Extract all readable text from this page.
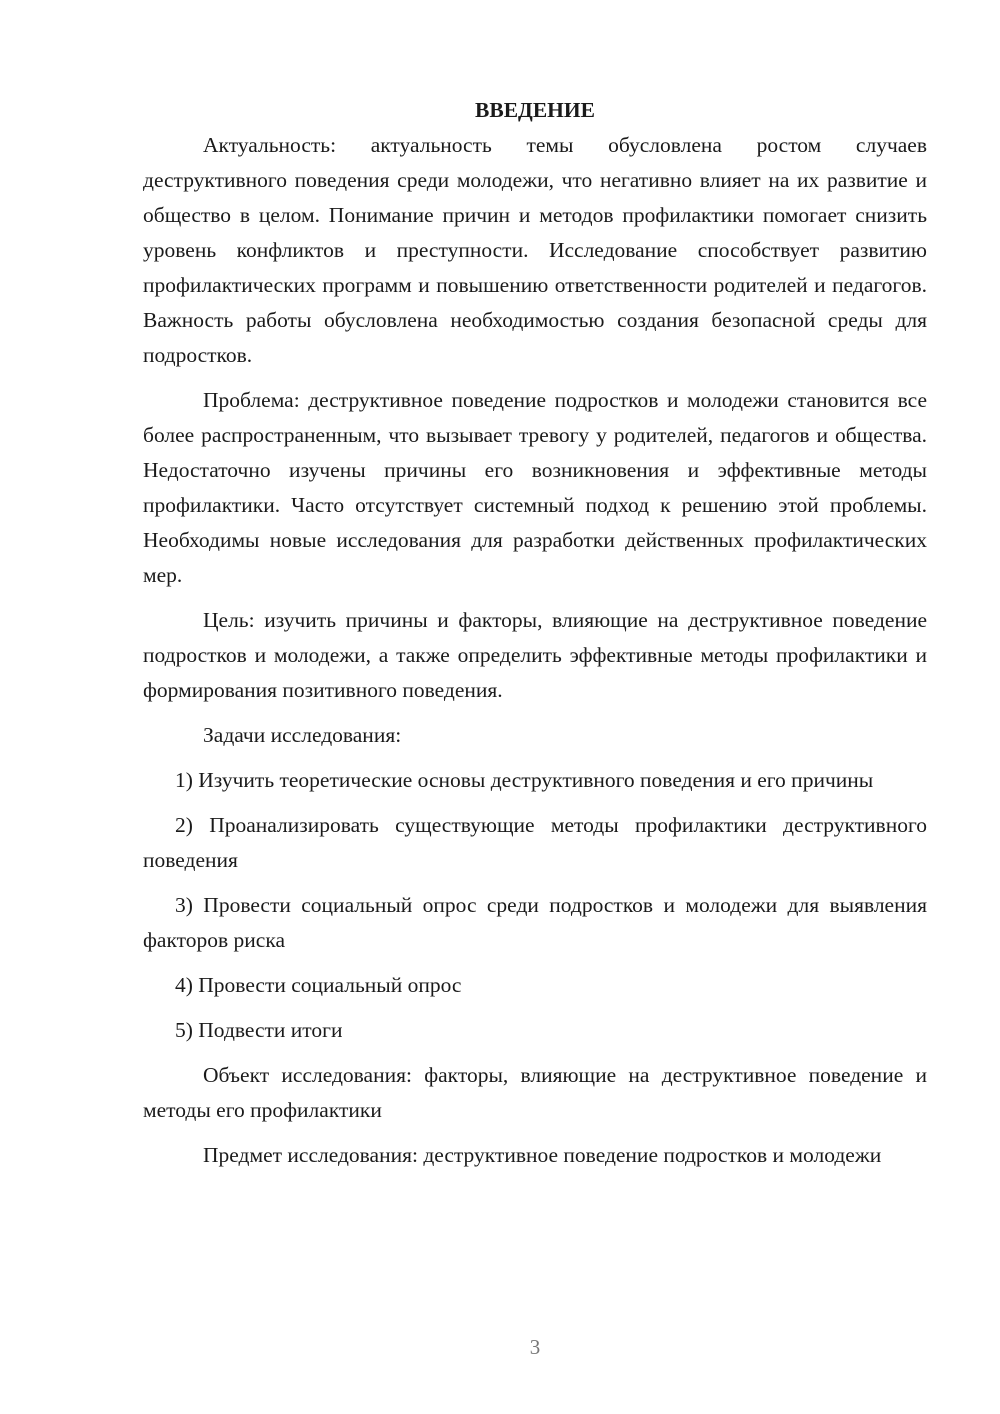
ВВЕДЕНИЕ

Актуальность: актуальность темы обусловлена ростом случаев деструктивного поведения среди молодежи, что негативно влияет на их развитие и общество в целом. Понимание причин и методов профилактики помогает снизить уровень конфликтов и преступности. Исследование способствует развитию профилактических программ и повышению ответственности родителей и педагогов. Важность работы обусловлена необходимостью создания безопасной среды для подростков.

Проблема: деструктивное поведение подростков и молодежи становится все более распространенным, что вызывает тревогу у родителей, педагогов и общества. Недостаточно изучены причины его возникновения и эффективные методы профилактики. Часто отсутствует системный подход к решению этой проблемы. Необходимы новые исследования для разработки действенных профилактических мер.

Цель: изучить причины и факторы, влияющие на деструктивное поведение подростков и молодежи, а также определить эффективные методы профилактики и формирования позитивного поведения.

Задачи исследования:

1) Изучить теоретические основы деструктивного поведения и его причины

2) Проанализировать существующие методы профилактики деструктивного поведения

3) Провести социальный опрос среди подростков и молодежи для выявления факторов риска

4) Провести социальный опрос

5) Подвести итоги

Объект исследования: факторы, влияющие на деструктивное поведение и методы его профилактики

Предмет исследования: деструктивное поведение подростков и молодежи

3
